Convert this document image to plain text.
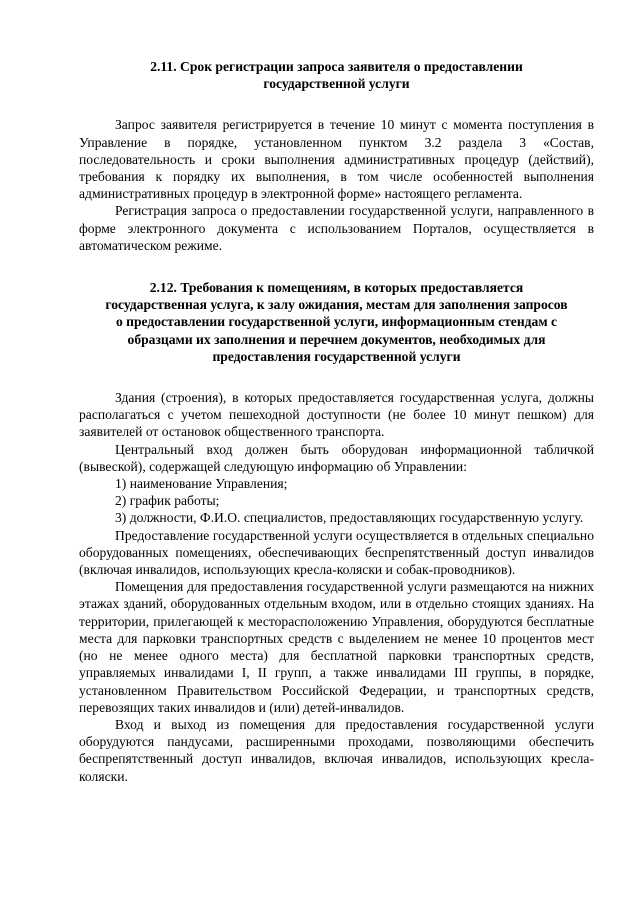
2.11. Срок регистрации запроса заявителя о предоставлении
государственной услуги

Запрос заявителя регистрируется в течение 10 минут с момента поступления в Управление в порядке, установленном пунктом 3.2 раздела 3 «Состав, последовательность и сроки выполнения административных процедур (действий), требования к порядку их выполнения, в том числе особенностей выполнения административных процедур в электронной форме» настоящего регламента.

Регистрация запроса о предоставлении государственной услуги, направленного в форме электронного документа с использованием Порталов, осуществляется в автоматическом режиме.

2.12. Требования к помещениям, в которых предоставляется
государственная услуга, к залу ожидания, местам для заполнения запросов
о предоставлении государственной услуги, информационным стендам с
образцами их заполнения и перечнем документов, необходимых для
предоставления государственной услуги

Здания (строения), в которых предоставляется государственная услуга, должны располагаться с учетом пешеходной доступности (не более 10 минут пешком) для заявителей от остановок общественного транспорта.

Центральный вход должен быть оборудован информационной табличкой (вывеской), содержащей следующую информацию об Управлении:

1) наименование Управления;

2) график работы;

3) должности, Ф.И.О. специалистов, предоставляющих государственную услугу.

Предоставление государственной услуги осуществляется в отдельных специально оборудованных помещениях, обеспечивающих беспрепятственный доступ инвалидов (включая инвалидов, использующих кресла-коляски и собак-проводников).

Помещения для предоставления государственной услуги размещаются на нижних этажах зданий, оборудованных отдельным входом, или в отдельно стоящих зданиях. На территории, прилегающей к месторасположению Управления, оборудуются бесплатные места для парковки транспортных средств с выделением не менее 10 процентов мест (но не менее одного места) для бесплатной парковки транспортных средств, управляемых инвалидами I, II групп, а также инвалидами III группы, в порядке, установленном Правительством Российской Федерации, и транспортных средств, перевозящих таких инвалидов и (или) детей-инвалидов.

Вход и выход из помещения для предоставления государственной услуги оборудуются пандусами, расширенными проходами, позволяющими обеспечить беспрепятственный доступ инвалидов, включая инвалидов, использующих кресла-коляски.
